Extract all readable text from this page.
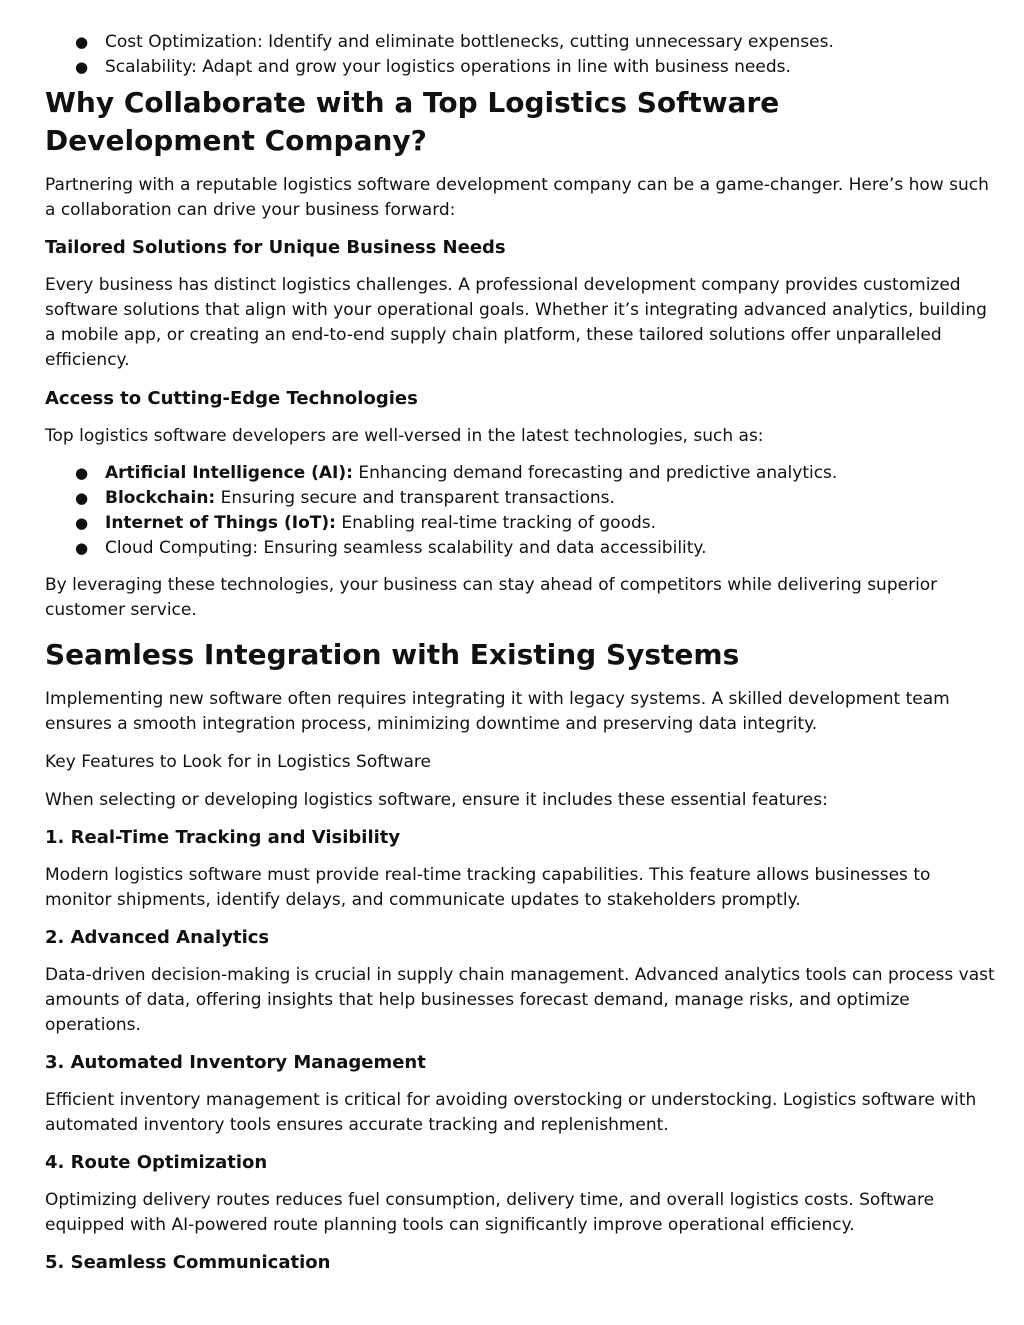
● Cost Optimization: Identify and eliminate bottlenecks, cutting unnecessary expenses.
● Scalability: Adapt and grow your logistics operations in line with business needs.
Why Collaborate with a Top Logistics Software Development Company?

Partnering with a reputable logistics software development company can be a game-changer. Here’s how such a collaboration can drive your business forward:

Tailored Solutions for Unique Business Needs

Every business has distinct logistics challenges. A professional development company provides customized software solutions that align with your operational goals. Whether it’s integrating advanced analytics, building a mobile app, or creating an end-to-end supply chain platform, these tailored solutions offer unparalleled efficiency.

Access to Cutting-Edge Technologies

Top logistics software developers are well-versed in the latest technologies, such as:

● Artificial Intelligence (AI): Enhancing demand forecasting and predictive analytics.
● Blockchain: Ensuring secure and transparent transactions.
● Internet of Things (IoT): Enabling real-time tracking of goods.
● Cloud Computing: Ensuring seamless scalability and data accessibility.

By leveraging these technologies, your business can stay ahead of competitors while delivering superior customer service.

Seamless Integration with Existing Systems

Implementing new software often requires integrating it with legacy systems. A skilled development team ensures a smooth integration process, minimizing downtime and preserving data integrity.

Key Features to Look for in Logistics Software

When selecting or developing logistics software, ensure it includes these essential features:

1. Real-Time Tracking and Visibility

Modern logistics software must provide real-time tracking capabilities. This feature allows businesses to monitor shipments, identify delays, and communicate updates to stakeholders promptly.

2. Advanced Analytics

Data-driven decision-making is crucial in supply chain management. Advanced analytics tools can process vast amounts of data, offering insights that help businesses forecast demand, manage risks, and optimize operations.

3. Automated Inventory Management

Efficient inventory management is critical for avoiding overstocking or understocking. Logistics software with automated inventory tools ensures accurate tracking and replenishment.

4. Route Optimization

Optimizing delivery routes reduces fuel consumption, delivery time, and overall logistics costs. Software equipped with AI-powered route planning tools can significantly improve operational efficiency.

5. Seamless Communication
